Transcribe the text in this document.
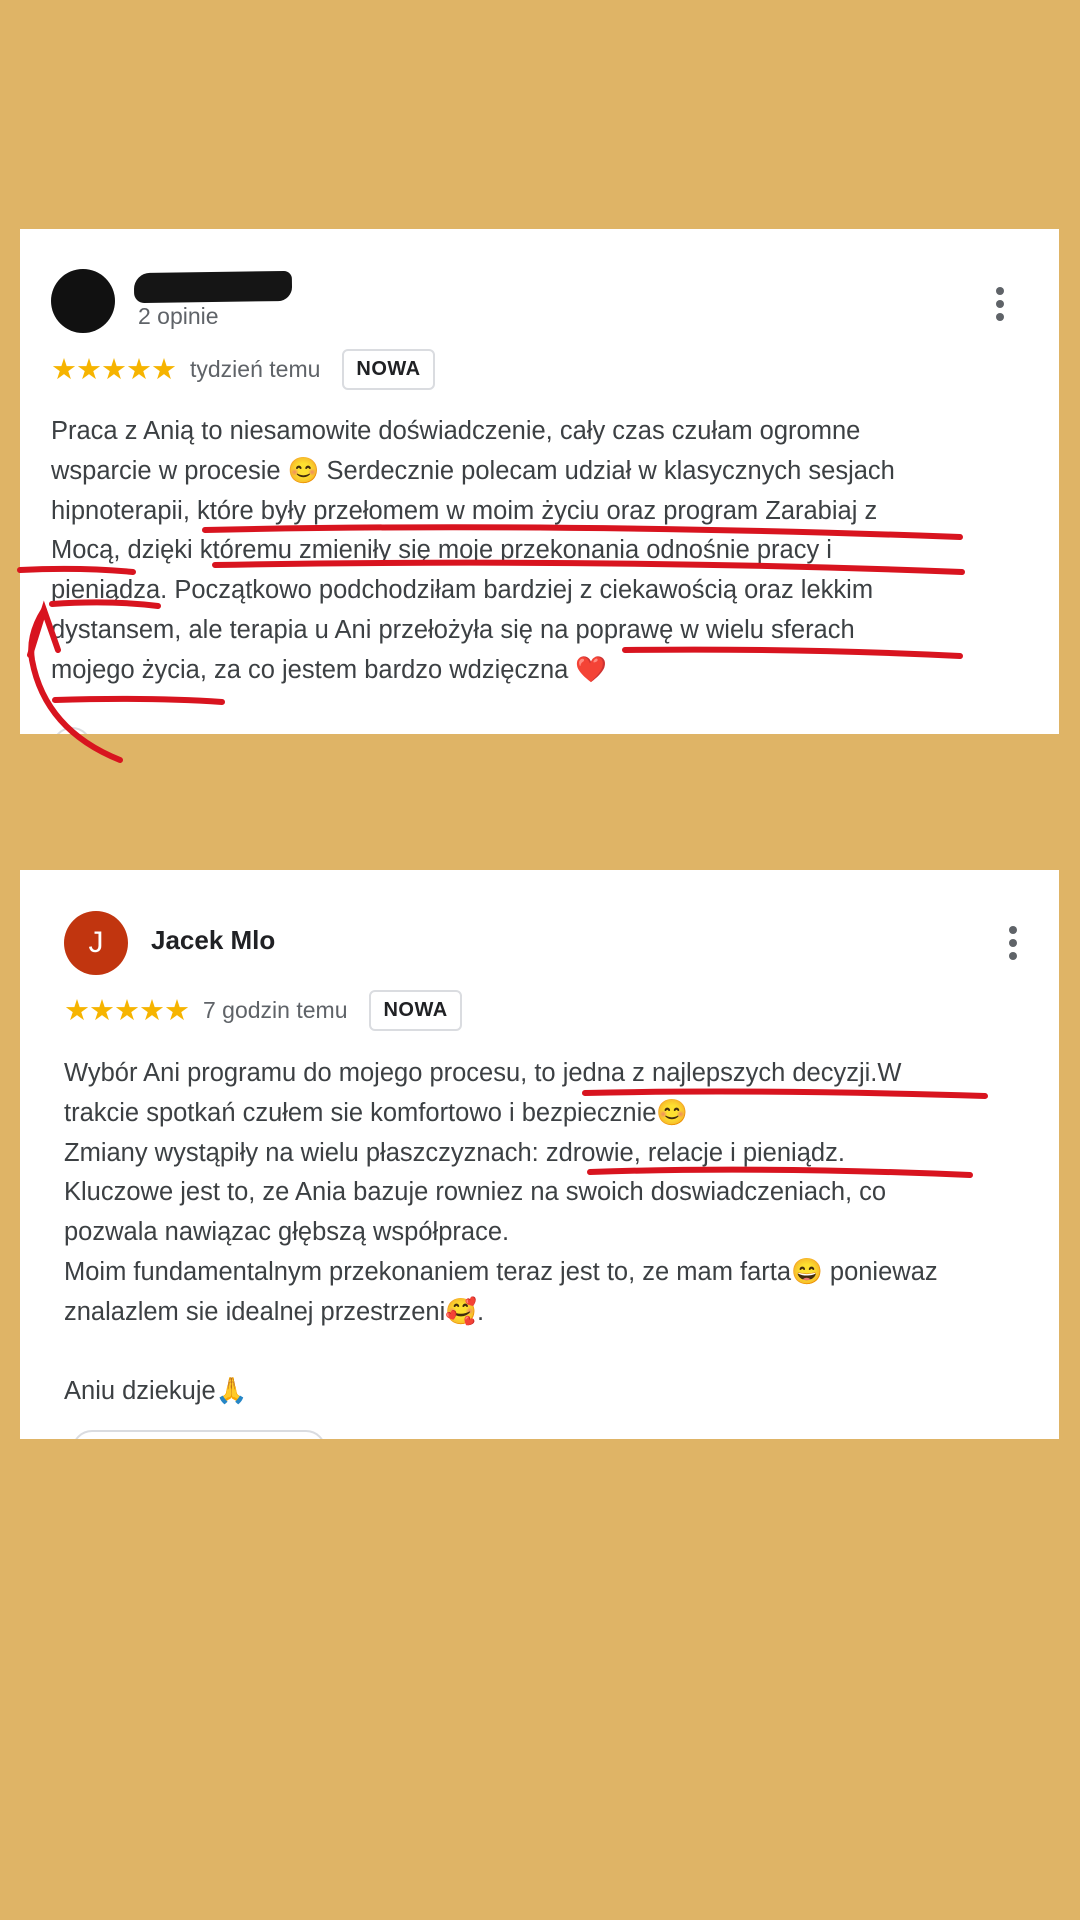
2 opinie
★★★★★ tydzień temu	NOWA

Praca z Anią to niesamowite doświadczenie, cały czas czułam ogromne
wsparcie w procesie 😊 Serdecznie polecam udział w klasycznych sesjach
hipnoterapii, które były przełomem w moim życiu oraz program Zarabiaj z
Mocą, dzięki któremu zmieniły się moje przekonania odnośnie pracy i
pieniądza. Początkowo podchodziłam bardziej z ciekawością oraz lekkim
dystansem, ale terapia u Ani przełożyła się na poprawę w wielu sferach
mojego życia, za co jestem bardzo wdzięczna ❤️

J	Jacek Mlo
★★★★★ 7 godzin temu	NOWA

Wybór Ani programu do mojego procesu, to jedna z najlepszych decyzji.W
trakcie spotkań czułem sie komfortowo i bezpiecznie😊
Zmiany wystąpiły na wielu płaszczyznach: zdrowie, relacje i pieniądz.
Kluczowe jest to, ze Ania bazuje rowniez na swoich doswiadczeniach, co
pozwala nawiązac głębszą współprace.
Moim fundamentalnym przekonaniem teraz jest to, ze mam farta😄 poniewaz
znalazlem sie idealnej przestrzeni🥰.

Aniu dziekuje🙏
